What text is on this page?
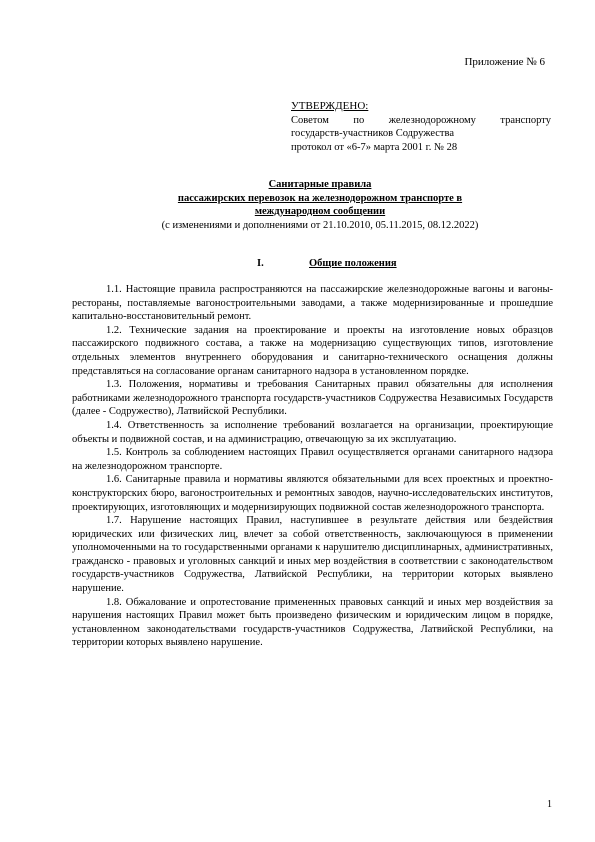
Приложение № 6
УТВЕРЖДЕНО:
Советом по железнодорожному транспорту
государств-участников Содружества
протокол от «6-7» марта 2001 г. № 28
Санитарные правила
пассажирских перевозок на железнодорожном транспорте в
международном сообщении
(с изменениями и дополнениями от 21.10.2010, 05.11.2015, 08.12.2022)
I.	Общие положения

1.1. Настоящие правила распространяются на пассажирские железнодорожные вагоны и вагоны-рестораны, поставляемые вагоностроительными заводами, а также модернизированные и прошедшие капитально-восстановительный ремонт.

1.2. Технические задания на проектирование и проекты на изготовление новых образцов пассажирского подвижного состава, а также на модернизацию существующих типов, изготовление отдельных элементов внутреннего оборудования и санитарно-технического оснащения должны представляться на согласование органам санитарного надзора в установленном порядке.

1.3. Положения, нормативы и требования Санитарных правил обязательны для исполнения работниками железнодорожного транспорта государств-участников Содружества Независимых Государств (далее - Содружество), Латвийской Республики.

1.4. Ответственность за исполнение требований возлагается на организации, проектирующие объекты и подвижной состав, и на администрацию, отвечающую за их эксплуатацию.

1.5. Контроль за соблюдением настоящих Правил осуществляется органами санитарного надзора на железнодорожном транспорте.

1.6. Санитарные правила и нормативы являются обязательными для всех проектных и проектно-конструкторских бюро, вагоностроительных и ремонтных заводов, научно-исследовательских институтов, проектирующих, изготовляющих и модернизирующих подвижной состав железнодорожного транспорта.

1.7. Нарушение настоящих Правил, наступившее в результате действия или бездействия юридических или физических лиц, влечет за собой ответственность, заключающуюся в применении уполномоченными на то государственными органами к нарушителю дисциплинарных, административных, гражданско - правовых и уголовных санкций и иных мер воздействия в соответствии с законодательством государств-участников Содружества, Латвийской Республики, на территории которых выявлено нарушение.

1.8. Обжалование и опротестование примененных правовых санкций и иных мер воздействия за нарушения настоящих Правил может быть произведено физическим и юридическим лицом в порядке, установленном законодательствами государств-участников Содружества, Латвийской Республики, на территории которых выявлено нарушение.

1
